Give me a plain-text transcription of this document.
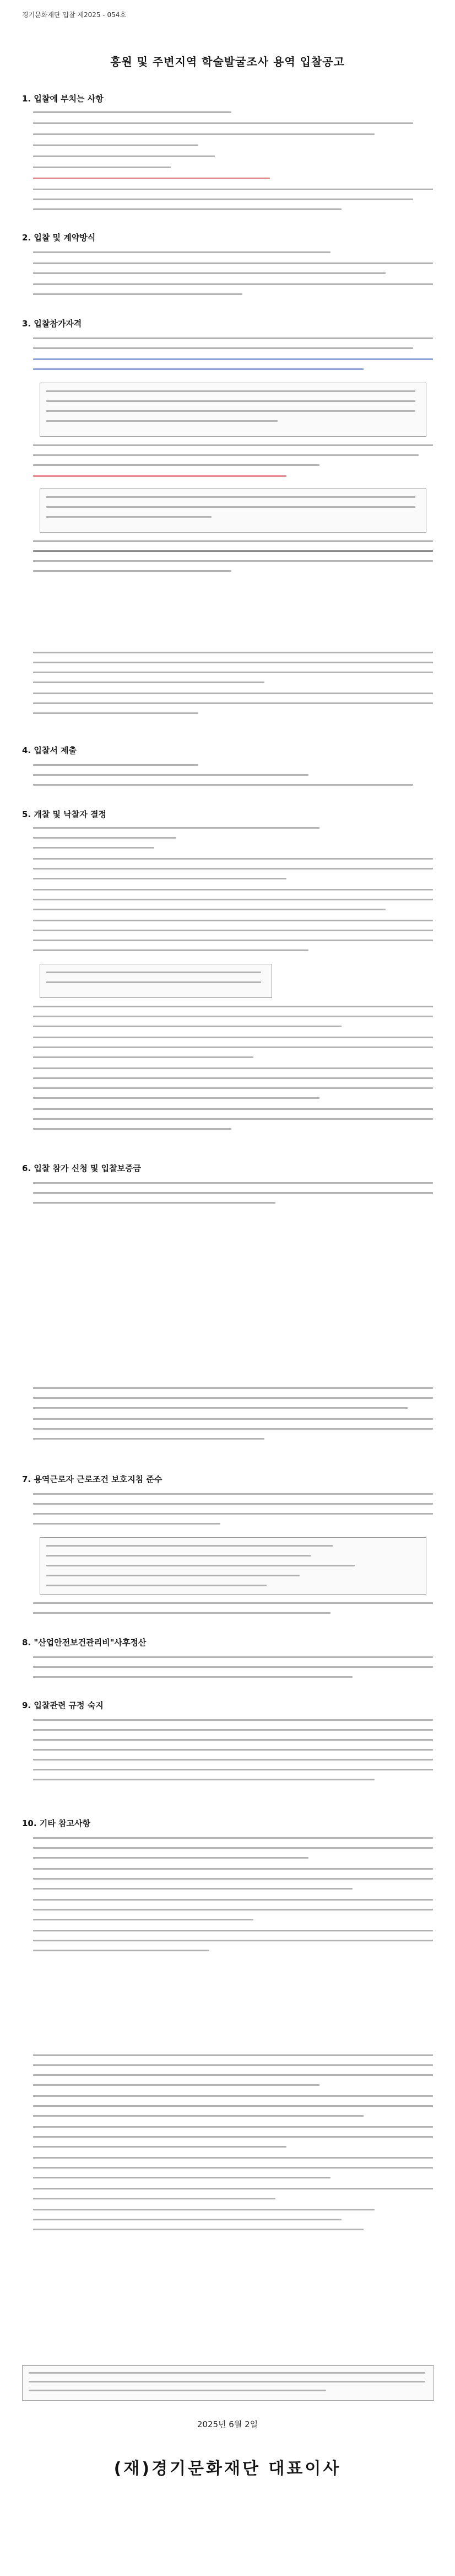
경기문화재단 입찰 제2025 - 054호
흥원 및 주변지역 학술발굴조사 용역 입찰공고
1. 입찰에 부치는 사항
2. 입찰 및 계약방식
3. 입찰참가자격
4. 입찰서 제출
5. 개찰 및 낙찰자 결정
6. 입찰 참가 신청 및 입찰보증금
7. 용역근로자 근로조건 보호지침 준수
8. "산업안전보건관리비"사후정산
9. 입찰관련 규정 숙지
10. 기타 참고사항
2025년 6월 2일
(재)경기문화재단 대표이사
